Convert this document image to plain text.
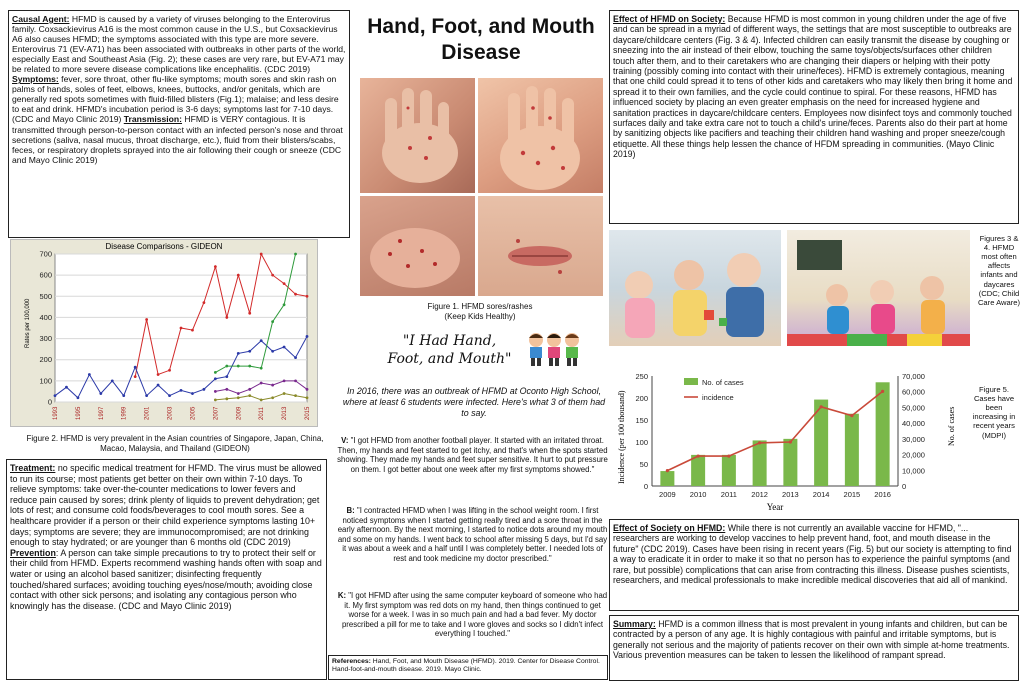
Causal Agent: HFMD is caused by a variety of viruses belonging to the Enterovirus family. Coxsackievirus A16 is the most common cause in the U.S., but Coxsackievirus A6 also causes HFMD; the symptoms associated with this type are more severe. Enterovirus 71 (EV-A71) has been associated with outbreaks in other parts of the world, especially East and Southeast Asia (Fig. 2); these cases are very rare, but EV-A71 may be related to more severe disease complications like encephalitis. (CDC 2019) Symptoms: fever, sore throat, other flu-like symptoms; mouth sores and skin rash on palms of hands, soles of feet, elbows, knees, buttocks, and/or genitals, which are generally red spots sometimes with fluid-filled blisters (Fig.1); malaise; and less desire to eat and drink. HFMD's incubation period is 3-6 days; symptoms last for 7-10 days. (CDC and Mayo Clinic 2019) Transmission: HFMD is VERY contagious. It is transmitted through person-to-person contact with an infected person's nose and throat secretions (saliva, nasal mucus, throat discharge, etc.), fluid from their blisters/scabs, feces, or respiratory droplets sprayed into the air following their cough or sneeze (CDC and Mayo Clinic 2019)
Disease Comparisons - GIDEON
0
100
200
300
400
500
600
700
Rates per 100,000
1993	1995	1997	1999	2001	2003	2005	2007	2009	2011	2013	2015
Figure 2. HFMD is very prevalent in the Asian countries of Singapore, Japan, China, Macao, Malaysia, and Thailand (GIDEON)
Treatment: no specific medical treatment for HFMD. The virus must be allowed to run its course; most patients get better on their own within 7-10 days. To relieve symptoms: take over-the-counter medications to lower fevers and reduce pain caused by sores; drink plenty of liquids to prevent dehydration; get lots of rest; and consume cold foods/beverages to cool mouth sores. See a healthcare provider if a person or their child experience symptoms lasting 10+ days; symptoms are severe; they are immunocompromised; are not drinking enough to stay hydrated; or are younger than 6 months old (CDC 2019) Prevention: A person can take simple precautions to try to protect their self or their child from HFMD. Experts recommend washing hands often with soap and water or using an alcohol based sanitizer; disinfecting frequently touched/shared surfaces; avoiding touching eyes/nose/mouth; avoiding close contact with other sick persons; and isolating any contagious person who knowingly has the disease. (CDC and Mayo Clinic 2019)
Hand, Foot, and Mouth Disease
Figure 1. HFMD sores/rashes
(Keep Kids Healthy)
"I Had Hand,
Foot, and Mouth"
In 2016, there was an outbreak of HFMD at Oconto High School, where at least 6 students were infected. Here's what 3 of them had to say.
V: "I got HFMD from another football player. It started with an irritated throat. Then, my hands and feet started to get itchy, and that's when the spots started showing. They made my hands and feet super sensitive. It hurt to put pressure on them. I got better about one week after my first symptoms showed."
B: "I contracted HFMD when I was lifting in the school weight room. I first noticed symptoms when I started getting really tired and a sore throat in the early afternoon. By the next morning, I started to notice dots around my mouth and some on my hands. I went back to school after missing 5 days, but I'd say it was about a week and a half until I was completely better. I needed lots of rest and took medicine my doctor prescribed."
K: "I got HFMD after using the same computer keyboard of someone who had it. My first symptom was red dots on my hand, then things continued to get worse for a week. I was in so much pain and had a bad fever. My doctor prescribed a pill for me to take and I wore gloves and socks so I didn't infect everything I touched."
References: Hand, Foot, and Mouth Disease (HFMD). 2019. Center for Disease Control. Hand-foot-and-mouth disease. 2019. Mayo Clinic.
Effect of HFMD on Society: Because HFMD is most common in young children under the age of five and can be spread in a myriad of different ways, the settings that are most susceptible to outbreaks are daycare/childcare centers (Fig. 3 & 4). Infected children can easily transmit the disease by coughing or sneezing into the air instead of their elbow, touching the same toys/objects/surfaces other children touch after them, and to their caretakers who are changing their diapers or helping with their potty training (possibly coming into contact with their urine/feces). HFMD is extremely contagious, meaning that one child could spread it to tens of other kids and caretakers who may likely then bring it home and spread it to their own families, and the cycle could continue to spiral. For these reasons, HFMD has influenced society by placing an even greater emphasis on the need for increased hygiene and sanitation practices in daycare/childcare centers. Employees now disinfect toys and commonly touched surfaces daily and take extra care not to touch a child's urine/feces. Parents also do their part at home by sanitizing objects like pacifiers and teaching their children hand washing and proper sneeze/cough etiquette. All these things help lessen the chance of HFDM spreading in communities. (Mayo Clinic 2019)
Figures 3 & 4. HFMD most often affects infants and daycares (CDC; Child Care Aware)
0
50
100
150
200
250
0
10,000
20,000
30,000
40,000
50,000
60,000
70,000
Incidence (per 100 thousand)	No. of cases
Year
2009 2010 2011 2012 2013 2014 2015 2016
No. of cases
incidence
Figure 5. Cases have been increasing in recent years (MDPI)
Effect of Society on HFMD: While there is not currently an available vaccine for HFMD, "... researchers are working to develop vaccines to help prevent hand, foot, and mouth disease in the future" (CDC 2019). Cases have been rising in recent years (Fig. 5) but our society is attempting to find a way to eradicate it in order to make it so that no person has to experience the painful symptoms (and rare, but possible) complications that can arise from contracting this illness. Disease pushes scientists, researchers, and medical professionals to make incredible medical discoveries that aid all of mankind.
Summary: HFMD is a common illness that is most prevalent in young infants and children, but can be contracted by a person of any age. It is highly contagious with painful and irritable symptoms, but is generally not serious and the majority of patients recover on their own with simple at-home treatments. Various prevention measures can be taken to lessen the likelihood of rampant spread.
